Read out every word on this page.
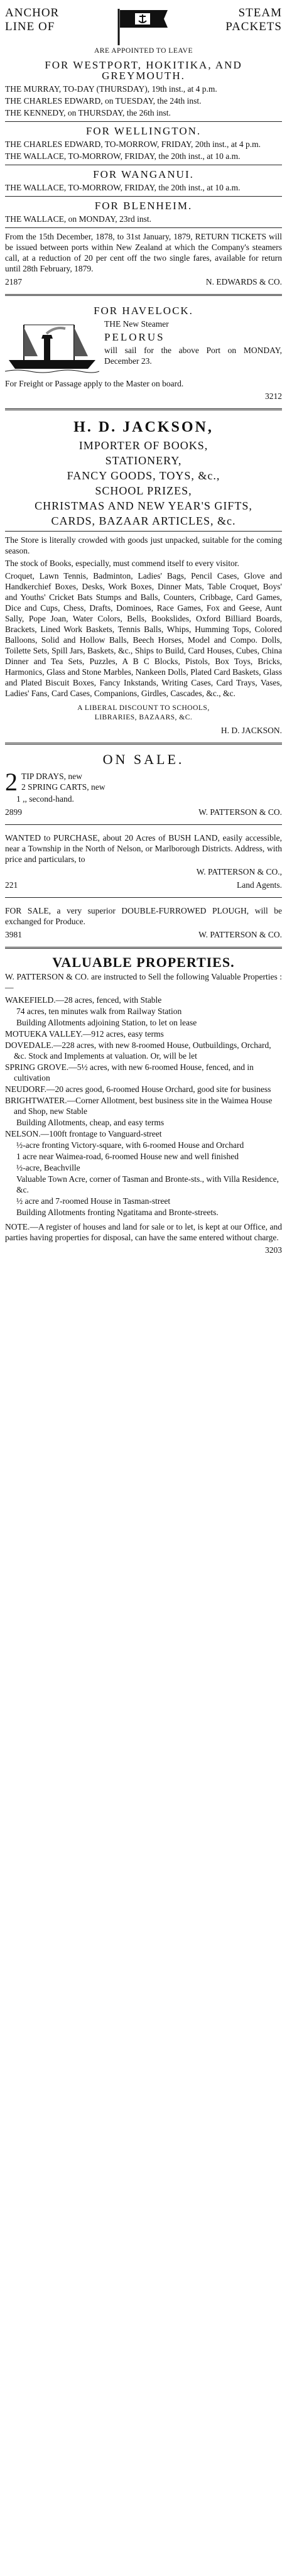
ANCHOR
LINE OF
STEAM
PACKETS
ARE APPOINTED TO LEAVE
FOR WESTPORT, HOKITIKA, AND GREYMOUTH.
THE MURRAY, TO-DAY (THURSDAY), 19th inst., at 4 p.m.
THE CHARLES EDWARD, on TUESDAY, the 24th inst.
THE KENNEDY, on THURSDAY, the 26th inst.
FOR WELLINGTON.
THE CHARLES EDWARD, TO-MORROW, FRIDAY, 20th inst., at 4 p.m.
THE WALLACE, TO-MORROW, FRIDAY, the 20th inst., at 10 a.m.
FOR WANGANUI.
THE WALLACE, TO-MORROW, FRIDAY, the 20th inst., at 10 a.m.
FOR BLENHEIM.
THE WALLACE, on MONDAY, 23rd inst.
From the 15th December, 1878, to 31st January, 1879, RETURN TICKETS will be issued between ports within New Zealand at which the Company's steamers call, at a reduction of 20 per cent off the two single fares, available for return until 28th February, 1879.
2187	N. EDWARDS & CO.
FOR HAVELOCK.
THE New Steamer
PELORUS
will sail for the above Port on MONDAY, December 23.
For Freight or Passage apply to the Master on board.
3212
H. D. JACKSON,
IMPORTER OF BOOKS,
STATIONERY,
FANCY GOODS, TOYS, &c.,
SCHOOL PRIZES,
CHRISTMAS AND NEW YEAR'S GIFTS,
CARDS, BAZAAR ARTICLES, &c.
The Store is literally crowded with goods just unpacked, suitable for the coming season.
The stock of Books, especially, must commend itself to every visitor.
Croquet, Lawn Tennis, Badminton, Ladies' Bags, Pencil Cases, Glove and Handkerchief Boxes, Desks, Work Boxes, Dinner Mats, Table Croquet, Boys' and Youths' Cricket Bats Stumps and Balls, Counters, Cribbage, Card Games, Dice and Cups, Chess, Drafts, Dominoes, Race Games, Fox and Geese, Aunt Sally, Pope Joan, Water Colors, Bells, Bookslides, Oxford Billiard Boards, Brackets, Lined Work Baskets, Tennis Balls, Whips, Humming Tops, Colored Balloons, Solid and Hollow Balls, Beech Horses, Model and Compo. Dolls, Toilette Sets, Spill Jars, Baskets, &c., Ships to Build, Card Houses, Cubes, China Dinner and Tea Sets, Puzzles, A B C Blocks, Pistols, Box Toys, Bricks, Harmonics, Glass and Stone Marbles, Nankeen Dolls, Plated Card Baskets, Glass and Plated Biscuit Boxes, Fancy Inkstands, Writing Cases, Card Trays, Vases, Ladies' Fans, Card Cases, Companions, Girdles, Cascades, &c., &c.
A LIBERAL DISCOUNT TO SCHOOLS,
LIBRARIES, BAZAARS, &C.
H. D. JACKSON.
ON SALE.
2 TIP DRAYS, new
2 SPRING CARTS, new
1 ,, second-hand.
2899	W. PATTERSON & CO.
WANTED to PURCHASE, about 20 Acres of BUSH LAND, easily accessible, near a Township in the North of Nelson, or Marlborough Districts. Address, with price and particulars, to
W. PATTERSON & CO.,
221	Land Agents.
FOR SALE, a very superior DOUBLE-FURROWED PLOUGH, will be exchanged for Produce.
3981	W. PATTERSON & CO.
VALUABLE PROPERTIES.
W. PATTERSON & CO. are instructed to Sell the following Valuable Properties :—
WAKEFIELD.—28 acres, fenced, with Stable
74 acres, ten minutes walk from Railway Station
Building Allotments adjoining Station, to let on lease
MOTUEKA VALLEY.—912 acres, easy terms
DOVEDALE.—228 acres, with new 8-roomed House, Outbuildings, Orchard, &c. Stock and Implements at valuation. Or, will be let
SPRING GROVE.—5½ acres, with new 6-roomed House, fenced, and in cultivation
NEUDORF.—20 acres good, 6-roomed House Orchard, good site for business
BRIGHTWATER.—Corner Allotment, best business site in the Waimea House and Shop, new Stable
Building Allotments, cheap, and easy terms
NELSON.—100ft frontage to Vanguard-street
½-acre fronting Victory-square, with 6-roomed House and Orchard
1 acre near Waimea-road, 6-roomed House new and well finished
½-acre, Beachville
Valuable Town Acre, corner of Tasman and Bronte-sts., with Villa Residence, &c.
½ acre and 7-roomed House in Tasman-street
Building Allotments fronting Ngatitama and Bronte-streets.
NOTE.—A register of houses and land for sale or to let, is kept at our Office, and parties having properties for disposal, can have the same entered without charge.
3203
